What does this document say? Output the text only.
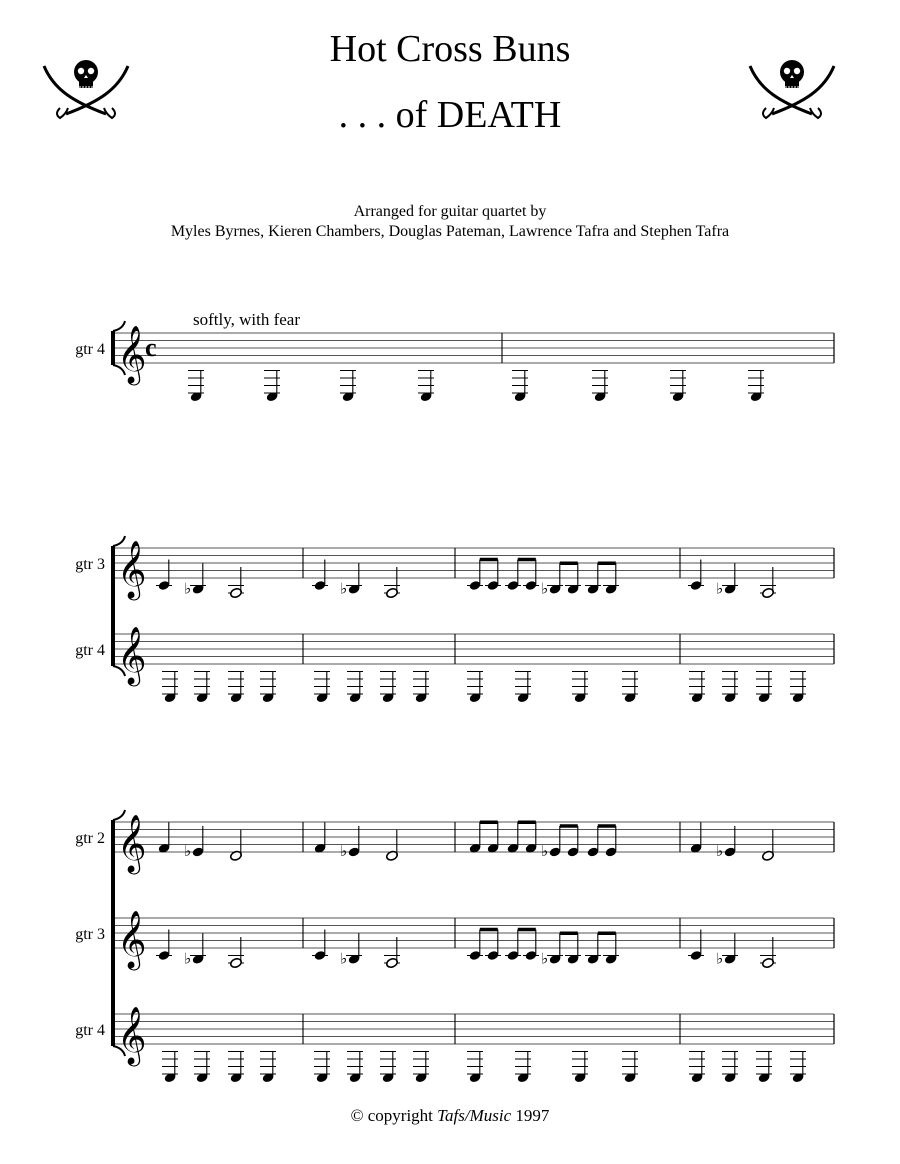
Hot Cross Buns
. . . of DEATH
Arranged for guitar quartet by
Myles Byrnes, Kieren Chambers, Douglas Pateman, Lawrence Tafra and Stephen Tafra
𝄞
gtr 4 c
softly, with fear
𝄞
gtr 3
𝄞
gtr 4
♭	♭	♭	♭
𝄞
gtr 2
𝄞
gtr 3
𝄞
gtr 4
♭	♭	♭	♭
♭	♭	♭	♭
© copyright Tafs/Music 1997
